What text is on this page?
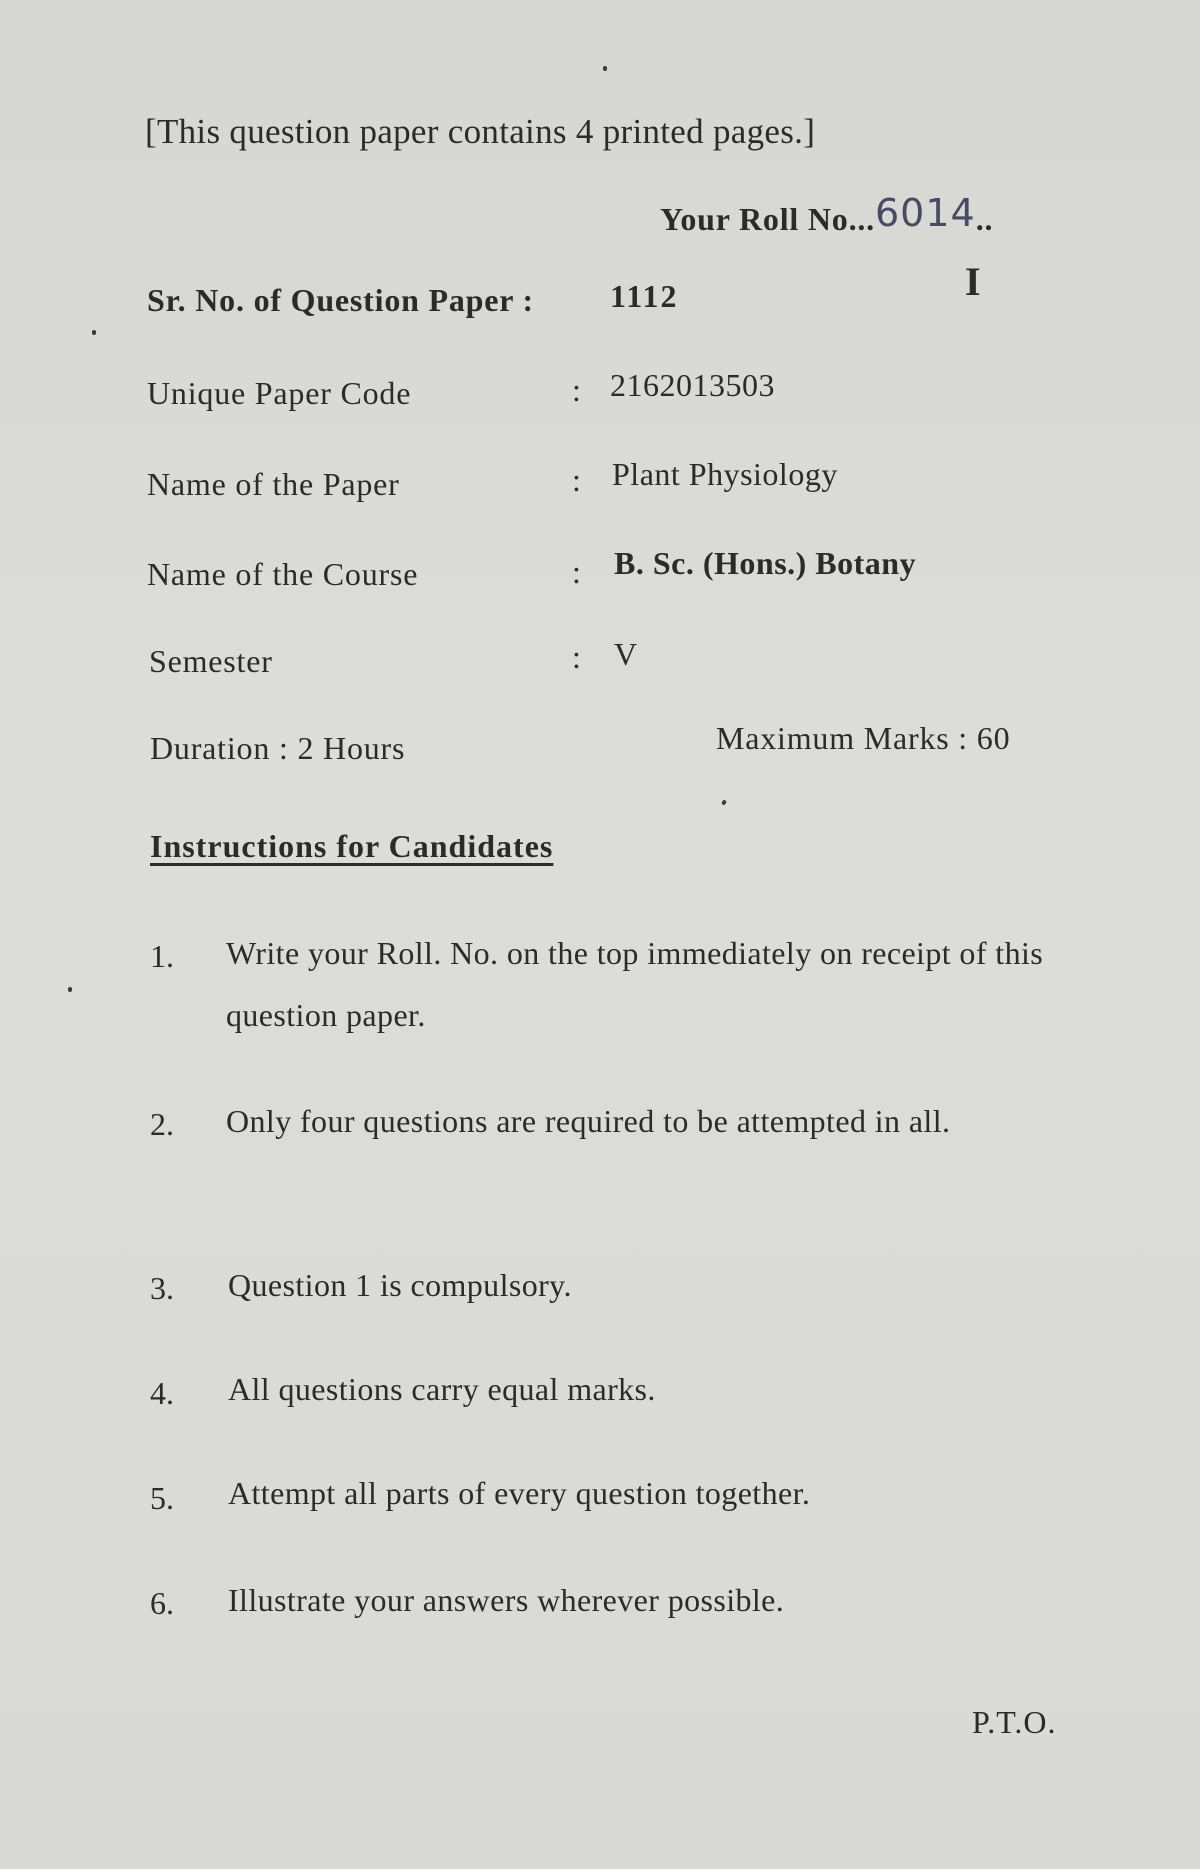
[This question paper contains 4 printed pages.]
Your Roll No...6014..
I
Sr. No. of Question Paper : 1112
Unique Paper Code	: 2162013503
Name of the Paper	: Plant Physiology
Name of the Course	: B. Sc. (Hons.) Botany
Semester	: V
Duration : 2 Hours	Maximum Marks : 60
Instructions for Candidates
1. Write your Roll. No. on the top immediately on receipt of this question paper.
2. Only four questions are required to be attempted in all.
3. Question 1 is compulsory.
4. All questions carry equal marks.
5. Attempt all parts of every question together.
6. Illustrate your answers wherever possible.
P.T.O.
